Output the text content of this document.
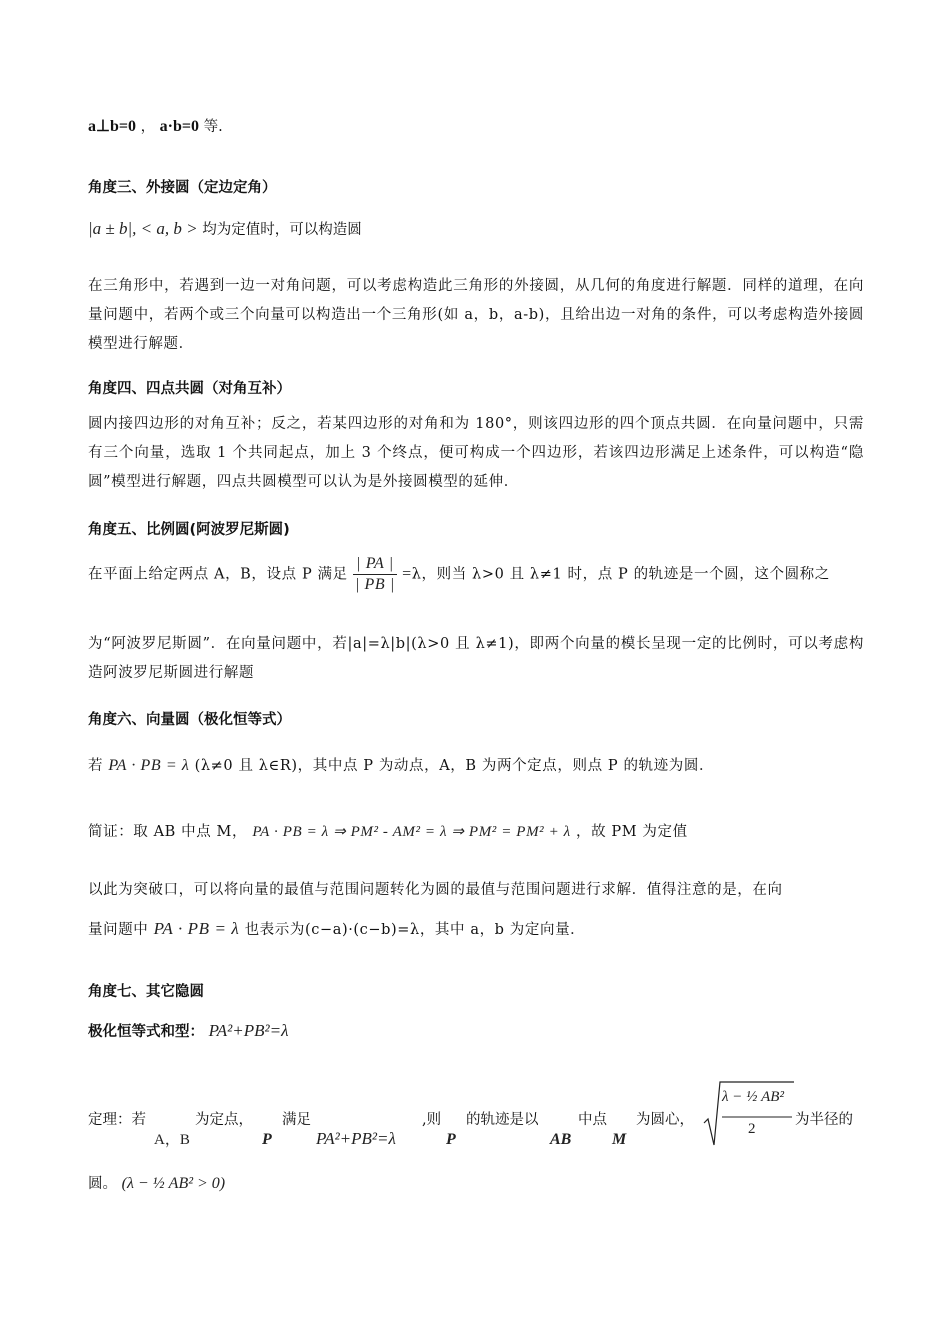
a⊥b=0 ， a·b=0 等.
角度三、外接圆（定边定角）
|a ± b|, < a, b > 均为定值时，可以构造圆
在三角形中，若遇到一边一对角问题，可以考虑构造此三角形的外接圆，从几何的角度进行解题．同样的道理，在向量问题中，若两个或三个向量可以构造出一个三角形(如 a，b，a-b)，且给出边一对角的条件，可以考虑构造外接圆模型进行解题．
角度四、四点共圆（对角互补）
圆内接四边形的对角互补；反之，若某四边形的对角和为 180°，则该四边形的四个顶点共圆．在向量问题中，只需有三个向量，选取 1 个共同起点，加上 3 个终点，便可构成一个四边形，若该四边形满足上述条件，可以构造“隐圆”模型进行解题，四点共圆模型可以认为是外接圆模型的延伸．
角度五、比例圆(阿波罗尼斯圆)
在平面上给定两点 A，B，设点 P 满足 $\frac{| PA |}{| PB |} =\lambda$，则当 λ>0 且 λ≠1 时，点 P 的轨迹是一个圆，这个圆称之
为“阿波罗尼斯圆”．在向量问题中，若|a|=λ|b|(λ>0 且 λ≠1)，即两个向量的模长呈现一定的比例时，可以考虑构造阿波罗尼斯圆进行解题
角度六、向量圆（极化恒等式）
若 PA · PB = λ (λ≠0 且 λ∈R)，其中点 P 为动点，A，B 为两个定点，则点 P 的轨迹为圆．
简证：取 AB 中点 M， PA · PB = λ ⇒ PM² - AM² = λ ⇒ PM² = PM² + λ ，故 PM 为定值
以此为突破口，可以将向量的最值与范围问题转化为圆的最值与范围问题进行求解．值得注意的是，在向
量问题中 PA · PB = λ 也表示为(c−a)·(c−b)=λ，其中 a，b 为定向量．
角度七、其它隐圆
极化恒等式和型： PA²+PB²=λ
定理：若	为定点， 满足	,则 的轨迹是以	中点 为圆心，
A，B	P	PA²+PB²=λ	P	AB	M
λ − ½ AB²
2
为半径的
圆。 (λ − ½ AB² > 0)
